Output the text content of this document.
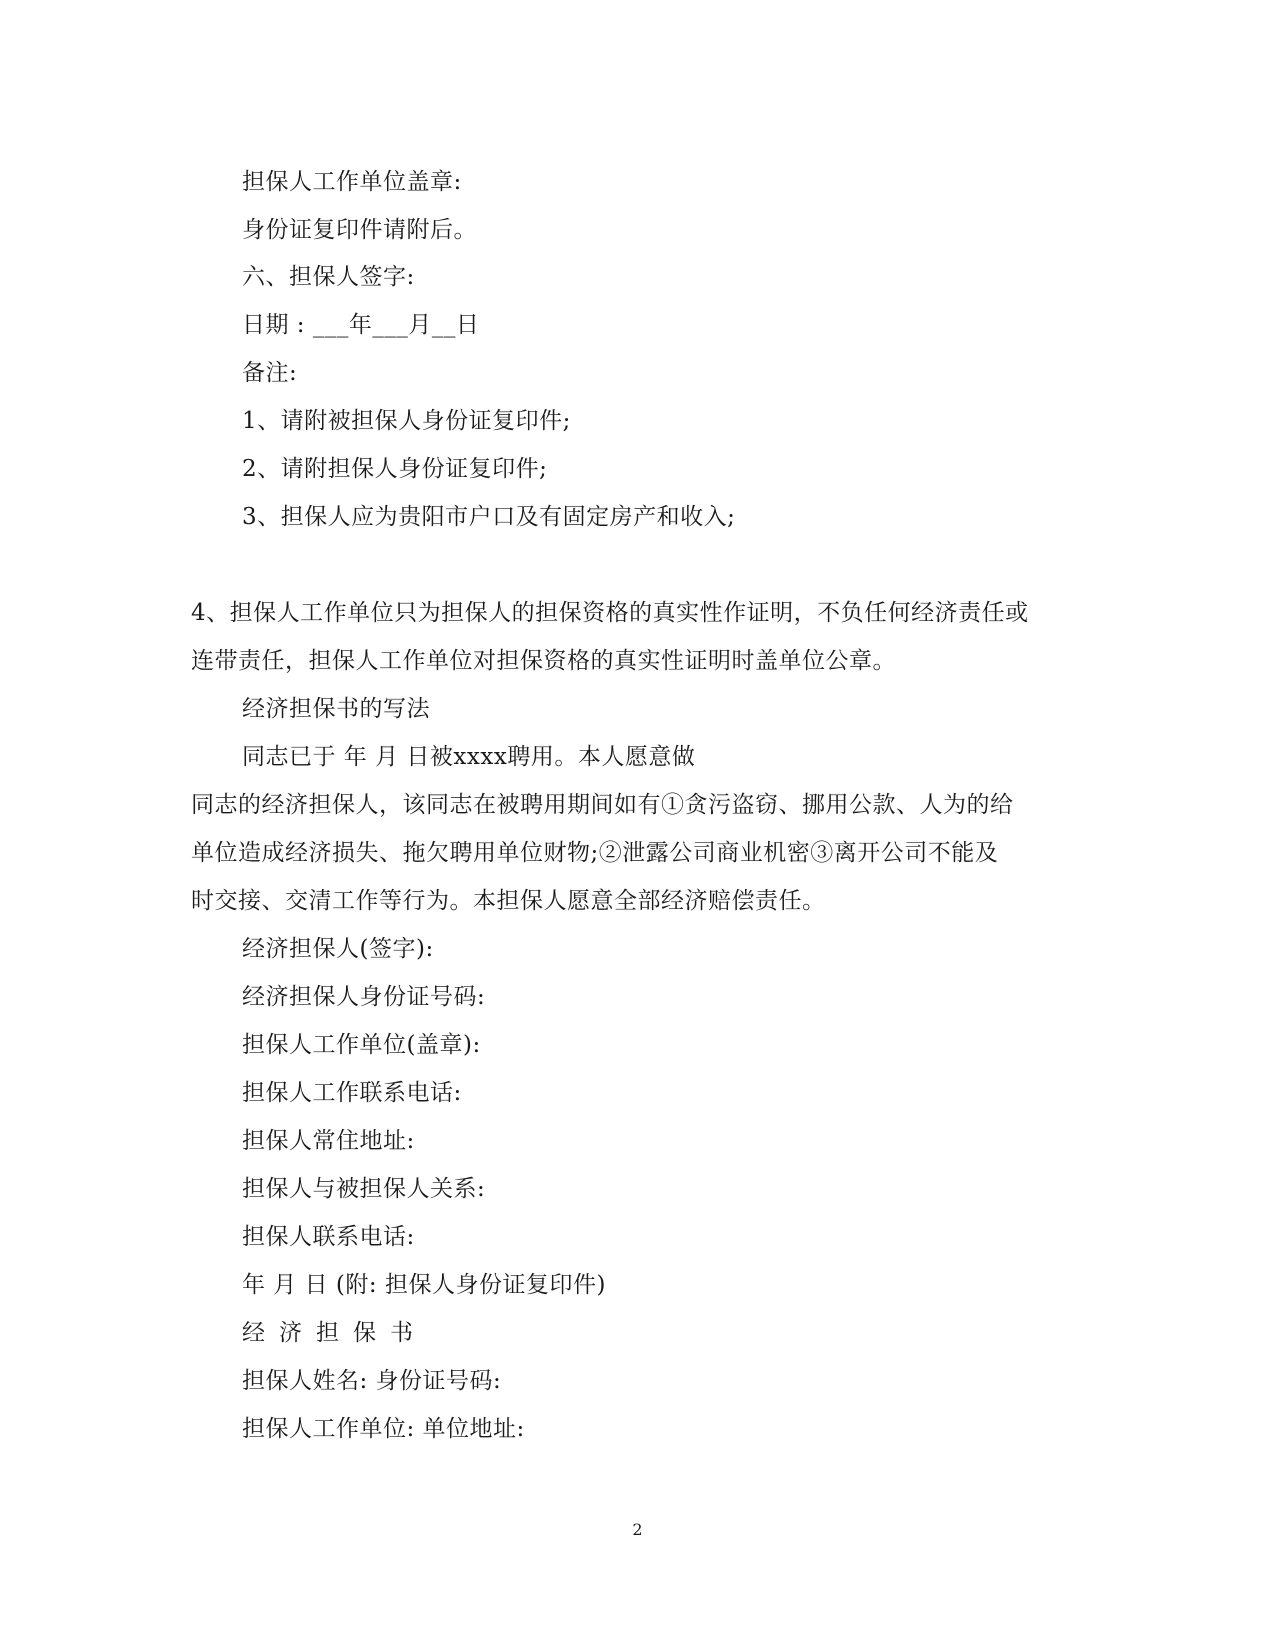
担保人工作单位盖章:
身份证复印件请附后。
六、担保人签字:
日期 : ___年___月__日
备注:
1、请附被担保人身份证复印件;
2、请附担保人身份证复印件;
3、担保人应为贵阳市户口及有固定房产和收入;
4、担保人工作单位只为担保人的担保资格的真实性作证明，不负任何经济责任或
连带责任，担保人工作单位对担保资格的真实性证明时盖单位公章。
经济担保书的写法
同志已于 年 月 日被xxxx聘用。本人愿意做
同志的经济担保人，该同志在被聘用期间如有①贪污盗窃、挪用公款、人为的给
单位造成经济损失、拖欠聘用单位财物;②泄露公司商业机密③离开公司不能及
时交接、交清工作等行为。本担保人愿意全部经济赔偿责任。
经济担保人(签字):
经济担保人身份证号码:
担保人工作单位(盖章):
担保人工作联系电话:
担保人常住地址:
担保人与被担保人关系:
担保人联系电话:
年 月 日 (附: 担保人身份证复印件)
经济担保书
担保人姓名: 身份证号码:
担保人工作单位: 单位地址:
2
